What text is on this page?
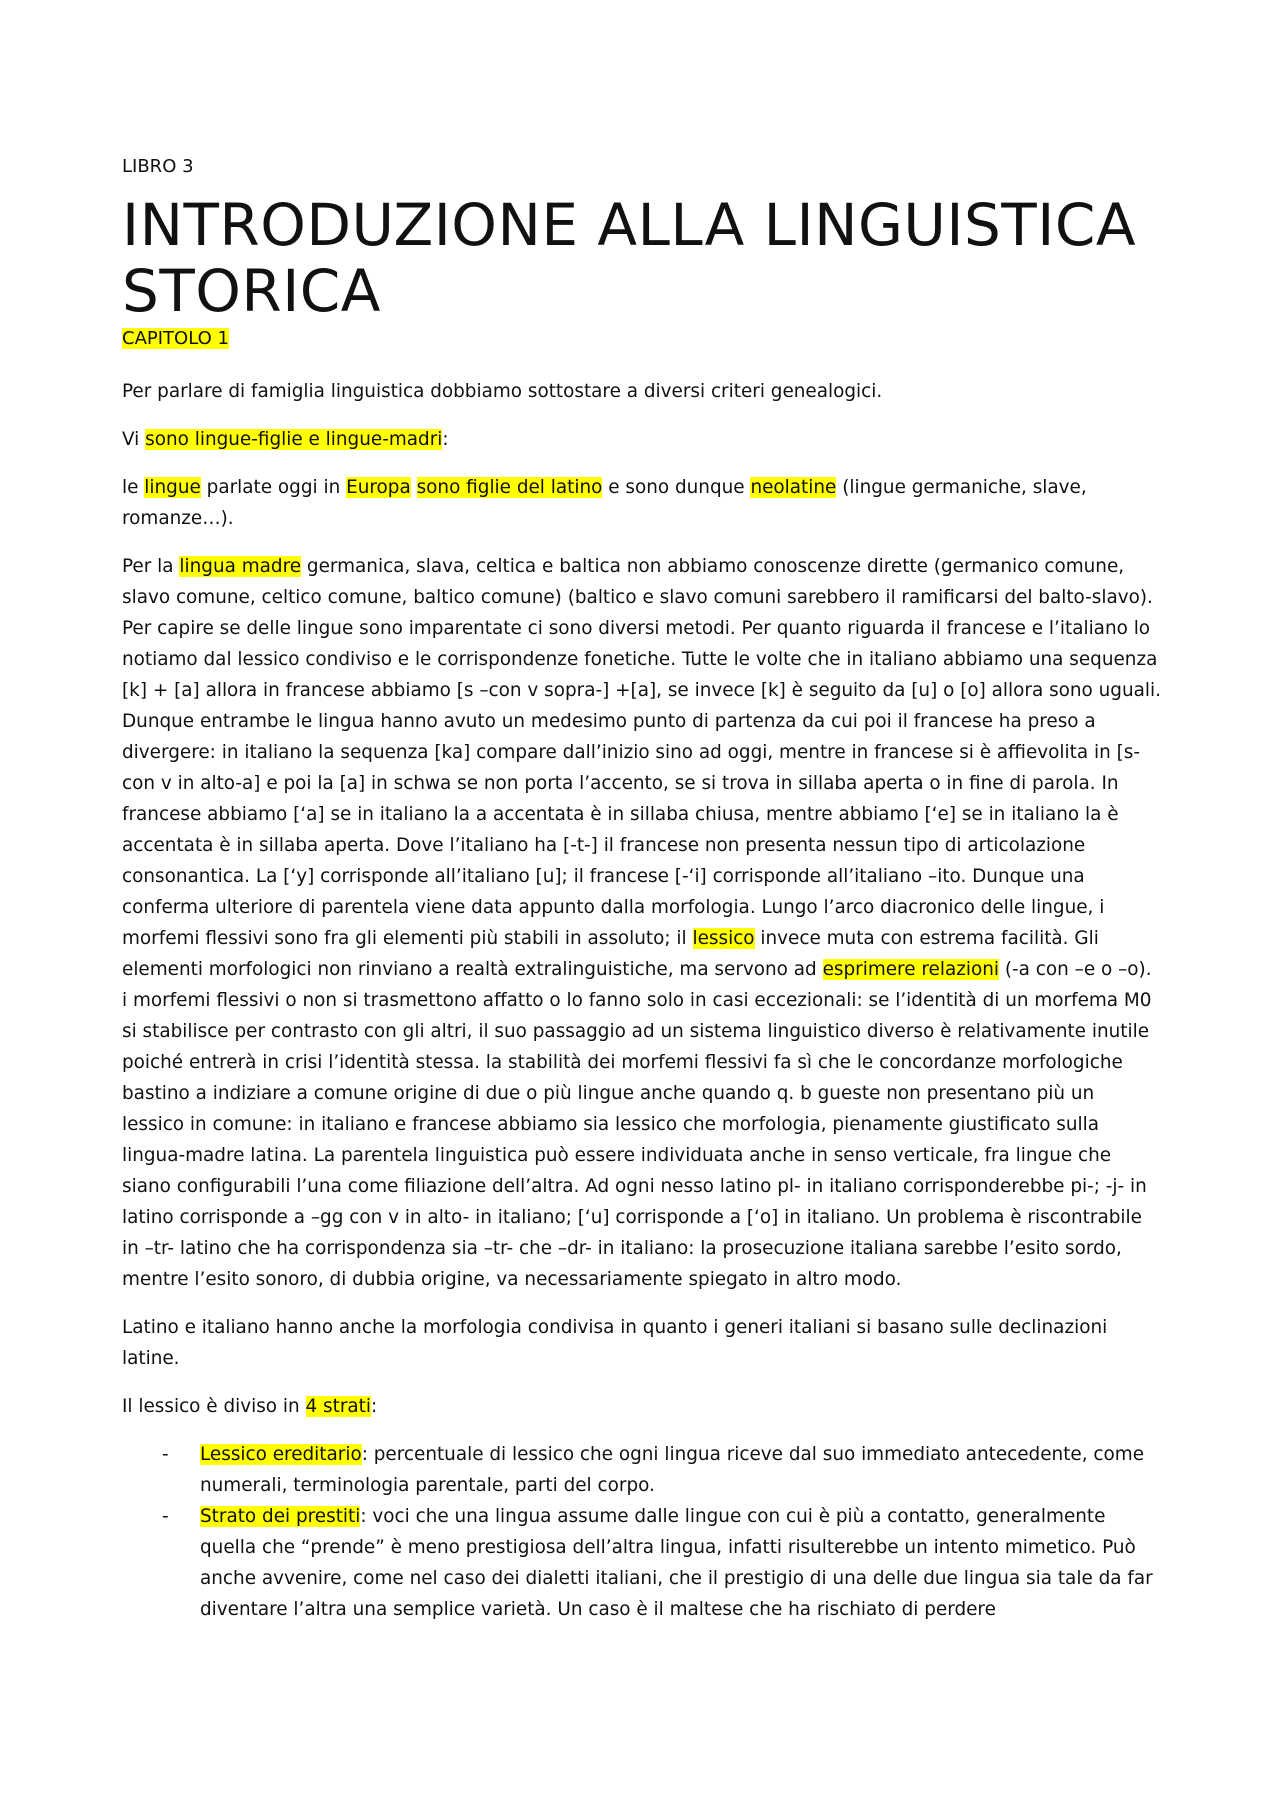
LIBRO 3
INTRODUZIONE ALLA LINGUISTICA STORICA
CAPITOLO 1

Per parlare di famiglia linguistica dobbiamo sottostare a diversi criteri genealogici.

Vi sono lingue-figlie e lingue-madri:

le lingue parlate oggi in Europa sono figlie del latino e sono dunque neolatine (lingue germaniche, slave, romanze…).

Per la lingua madre germanica, slava, celtica e baltica non abbiamo conoscenze dirette (germanico comune, slavo comune, celtico comune, baltico comune) (baltico e slavo comuni sarebbero il ramificarsi del balto-slavo). Per capire se delle lingue sono imparentate ci sono diversi metodi. Per quanto riguarda il francese e l’italiano lo notiamo dal lessico condiviso e le corrispondenze fonetiche. Tutte le volte che in italiano abbiamo una sequenza [k] + [a] allora in francese abbiamo [s –con v sopra-] +[a], se invece [k] è seguito da [u] o [o] allora sono uguali. Dunque entrambe le lingua hanno avuto un medesimo punto di partenza da cui poi il francese ha preso a divergere: in italiano la sequenza [ka] compare dall’inizio sino ad oggi, mentre in francese si è affievolita in [s-con v in alto-a] e poi la [a] in schwa se non porta l’accento, se si trova in sillaba aperta o in fine di parola. In francese abbiamo [‘a] se in italiano la a accentata è in sillaba chiusa, mentre abbiamo [‘e] se in italiano la è accentata è in sillaba aperta. Dove l’italiano ha [-t-] il francese non presenta nessun tipo di articolazione consonantica. La [‘y] corrisponde all’italiano [u]; il francese [-‘i] corrisponde all’italiano –ito. Dunque una conferma ulteriore di parentela viene data appunto dalla morfologia. Lungo l’arco diacronico delle lingue, i morfemi flessivi sono fra gli elementi più stabili in assoluto; il lessico invece muta con estrema facilità. Gli elementi morfologici non rinviano a realtà extralinguistiche, ma servono ad esprimere relazioni (-a con –e o –o). i morfemi flessivi o non si trasmettono affatto o lo fanno solo in casi eccezionali: se l’identità di un morfema M0 si stabilisce per contrasto con gli altri, il suo passaggio ad un sistema linguistico diverso è relativamente inutile poiché entrerà in crisi l’identità stessa. la stabilità dei morfemi flessivi fa sì che le concordanze morfologiche bastino a indiziare a comune origine di due o più lingue anche quando q. b gueste non presentano più un lessico in comune: in italiano e francese abbiamo sia lessico che morfologia, pienamente giustificato sulla lingua-madre latina. La parentela linguistica può essere individuata anche in senso verticale, fra lingue che siano configurabili l’una come filiazione dell’altra. Ad ogni nesso latino pl- in italiano corrisponderebbe pi-; -j- in latino corrisponde a –gg con v in alto- in italiano; [‘u] corrisponde a [‘o] in italiano. Un problema è riscontrabile in –tr- latino che ha corrispondenza sia –tr- che –dr- in italiano: la prosecuzione italiana sarebbe l’esito sordo, mentre l’esito sonoro, di dubbia origine, va necessariamente spiegato in altro modo.

Latino e italiano hanno anche la morfologia condivisa in quanto i generi italiani si basano sulle declinazioni latine.

Il lessico è diviso in 4 strati:

- Lessico ereditario: percentuale di lessico che ogni lingua riceve dal suo immediato antecedente, come numerali, terminologia parentale, parti del corpo.
- Strato dei prestiti: voci che una lingua assume dalle lingue con cui è più a contatto, generalmente quella che “prende” è meno prestigiosa dell’altra lingua, infatti risulterebbe un intento mimetico. Può anche avvenire, come nel caso dei dialetti italiani, che il prestigio di una delle due lingua sia tale da far diventare l’altra una semplice varietà. Un caso è il maltese che ha rischiato di perdere
